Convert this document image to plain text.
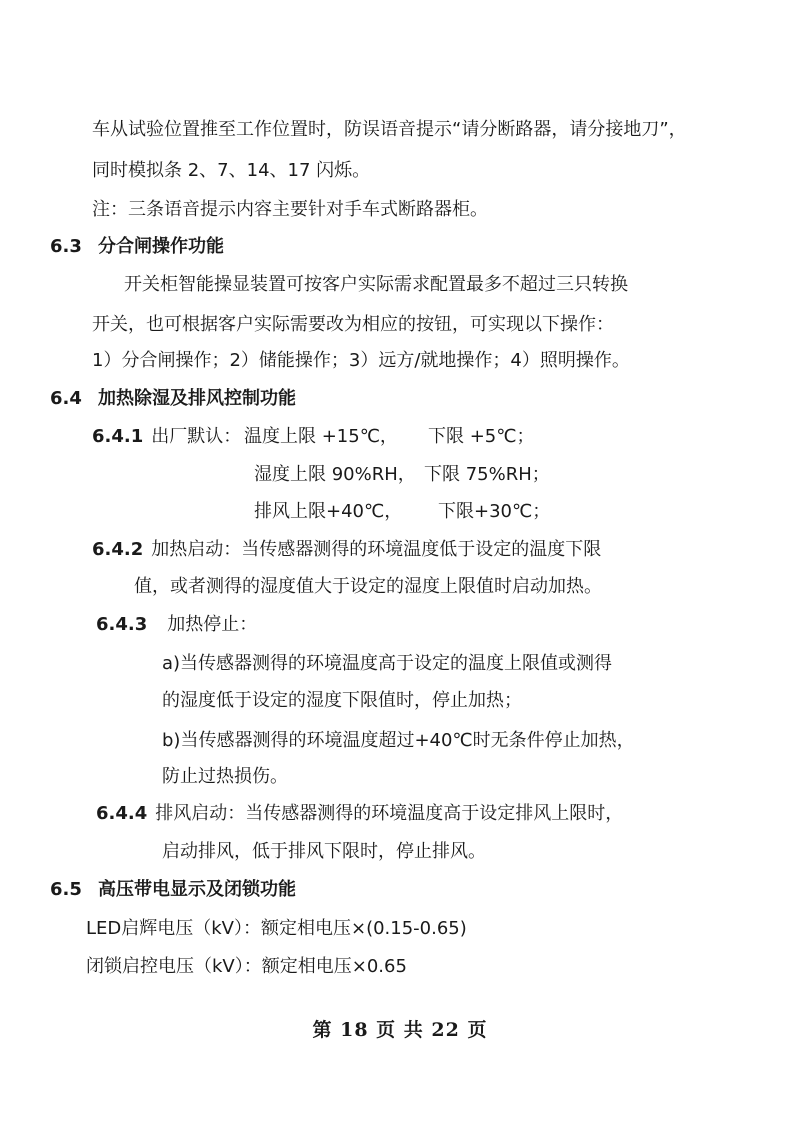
车从试验位置推至工作位置时，防误语音提示“请分断路器，请分接地刀”，
同时模拟条 2、7、14、17 闪烁。
注：三条语音提示内容主要针对手车式断路器柜。
6.3 分合闸操作功能
开关柜智能操显装置可按客户实际需求配置最多不超过三只转换
开关，也可根据客户实际需要改为相应的按钮，可实现以下操作：
1）分合闸操作；2）储能操作；3）远方/就地操作；4）照明操作。
6.4 加热除湿及排风控制功能
6.4.1 出厂默认： 温度上限 +15℃， 下限 +5℃；
湿度上限 90%RH， 下限 75%RH；
排风上限+40℃， 下限+30℃；
6.4.2 加热启动：当传感器测得的环境温度低于设定的温度下限
值，或者测得的湿度值大于设定的湿度上限值时启动加热。
6.4.3 加热停止：
a)当传感器测得的环境温度高于设定的温度上限值或测得
的湿度低于设定的湿度下限值时，停止加热；
b)当传感器测得的环境温度超过+40℃时无条件停止加热，
防止过热损伤。
6.4.4 排风启动：当传感器测得的环境温度高于设定排风上限时，
启动排风，低于排风下限时，停止排风。
6.5 高压带电显示及闭锁功能
LED启辉电压（kV）：额定相电压×(0.15-0.65)
闭锁启控电压（kV）：额定相电压×0.65
第 18 页 共 22 页
